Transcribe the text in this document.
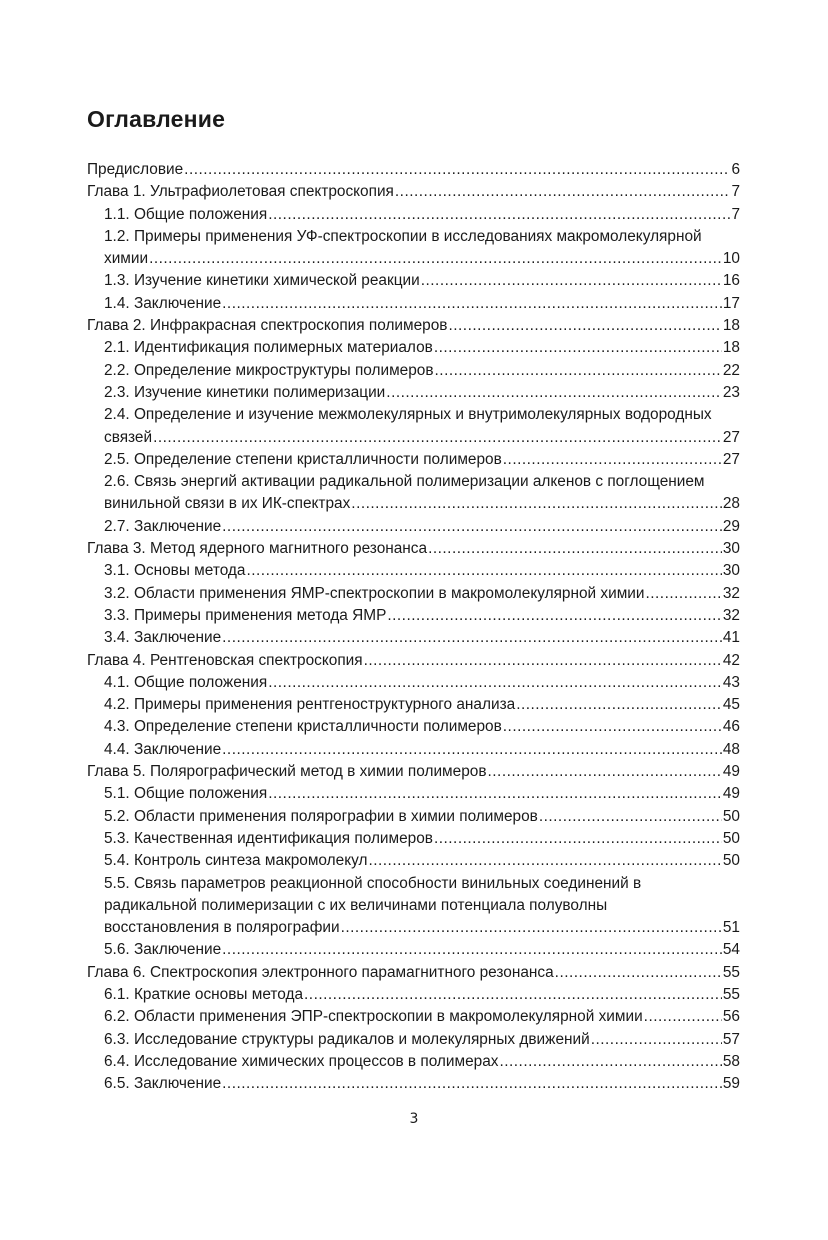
Оглавление
Предисловие .....	6
Глава 1. Ультрафиолетовая спектроскопия .....	7
1.1. Общие положения .....	7
1.2. Примеры применения УФ-спектроскопии в исследованиях макромолекулярной
химии .....	10
1.3. Изучение кинетики химической реакции .....	16
1.4. Заключение .....	17
Глава 2. Инфракрасная спектроскопия полимеров .....	18
2.1. Идентификация полимерных материалов .....	18
2.2. Определение микроструктуры полимеров .....	22
2.3. Изучение кинетики полимеризации .....	23
2.4. Определение и изучение межмолекулярных и внутримолекулярных водородных
связей .....	27
2.5. Определение степени кристалличности полимеров .....	27
2.6. Связь энергий активации радикальной полимеризации алкенов с поглощением
винильной связи в их ИК-спектрах .....	28
2.7. Заключение .....	29
Глава 3. Метод ядерного магнитного резонанса .....	30
3.1. Основы метода .....	30
3.2. Области применения ЯМР-спектроскопии в макромолекулярной химии .....	32
3.3. Примеры применения метода ЯМР .....	32
3.4. Заключение .....	41
Глава 4. Рентгеновская спектроскопия .....	42
4.1. Общие положения .....	43
4.2. Примеры применения рентгеноструктурного анализа .....	45
4.3. Определение степени кристалличности полимеров .....	46
4.4. Заключение .....	48
Глава 5. Полярографический метод в химии полимеров .....	49
5.1. Общие положения .....	49
5.2. Области применения полярографии в химии полимеров .....	50
5.3. Качественная идентификация полимеров .....	50
5.4. Контроль синтеза макромолекул .....	50
5.5. Связь параметров реакционной способности винильных соединений в
радикальной полимеризации с их величинами потенциала полуволны
восстановления в полярографии .....	51
5.6. Заключение .....	54
Глава 6. Спектроскопия электронного парамагнитного резонанса .....	55
6.1. Краткие основы метода .....	55
6.2. Области применения ЭПР-спектроскопии в макромолекулярной химии .....	56
6.3. Исследование структуры радикалов и молекулярных движений .....	57
6.4. Исследование химических процессов в полимерах .....	58
6.5. Заключение .....	59
3
